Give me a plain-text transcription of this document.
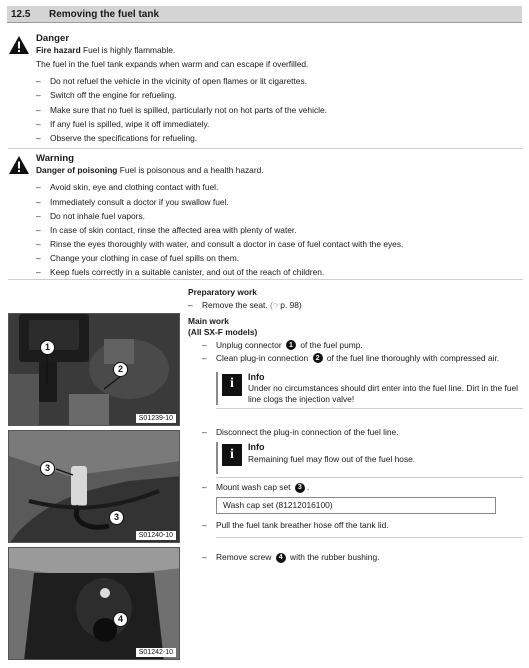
12.5	Removing the fuel tank
Danger
Fire hazard Fuel is highly flammable.
The fuel in the fuel tank expands when warm and can escape if overfilled.
–	Do not refuel the vehicle in the vicinity of open flames or lit cigarettes.
–	Switch off the engine for refueling.
–	Make sure that no fuel is spilled, particularly not on hot parts of the vehicle.
–	If any fuel is spilled, wipe it off immediately.
–	Observe the specifications for refueling.
Warning
Danger of poisoning Fuel is poisonous and a health hazard.
–	Avoid skin, eye and clothing contact with fuel.
–	Immediately consult a doctor if you swallow fuel.
–	Do not inhale fuel vapors.
–	In case of skin contact, rinse the affected area with plenty of water.
–	Rinse the eyes thoroughly with water, and consult a doctor in case of fuel contact with the eyes.
–	Change your clothing in case of fuel spills on them.
–	Keep fuels correctly in a suitable canister, and out of the reach of children.
1
2
S01239-10
3
3
S01240-10
4
S01242-10
Preparatory work
–	Remove the seat. (☞p. 98)
Main work
(All SX-F models)
–	Unplug connector 1 of the fuel pump.
–	Clean plug-in connection 2 of the fuel line thoroughly with compressed air.
i	Info
Under no circumstances should dirt enter into the fuel line. Dirt in the fuel line clogs the injection valve!
–	Disconnect the plug-in connection of the fuel line.
i	Info
Remaining fuel may flow out of the fuel hose.
–	Mount wash cap set 3 .
Wash cap set (81212016100)
–	Pull the fuel tank breather hose off the tank lid.
–	Remove screw 4 with the rubber bushing.
